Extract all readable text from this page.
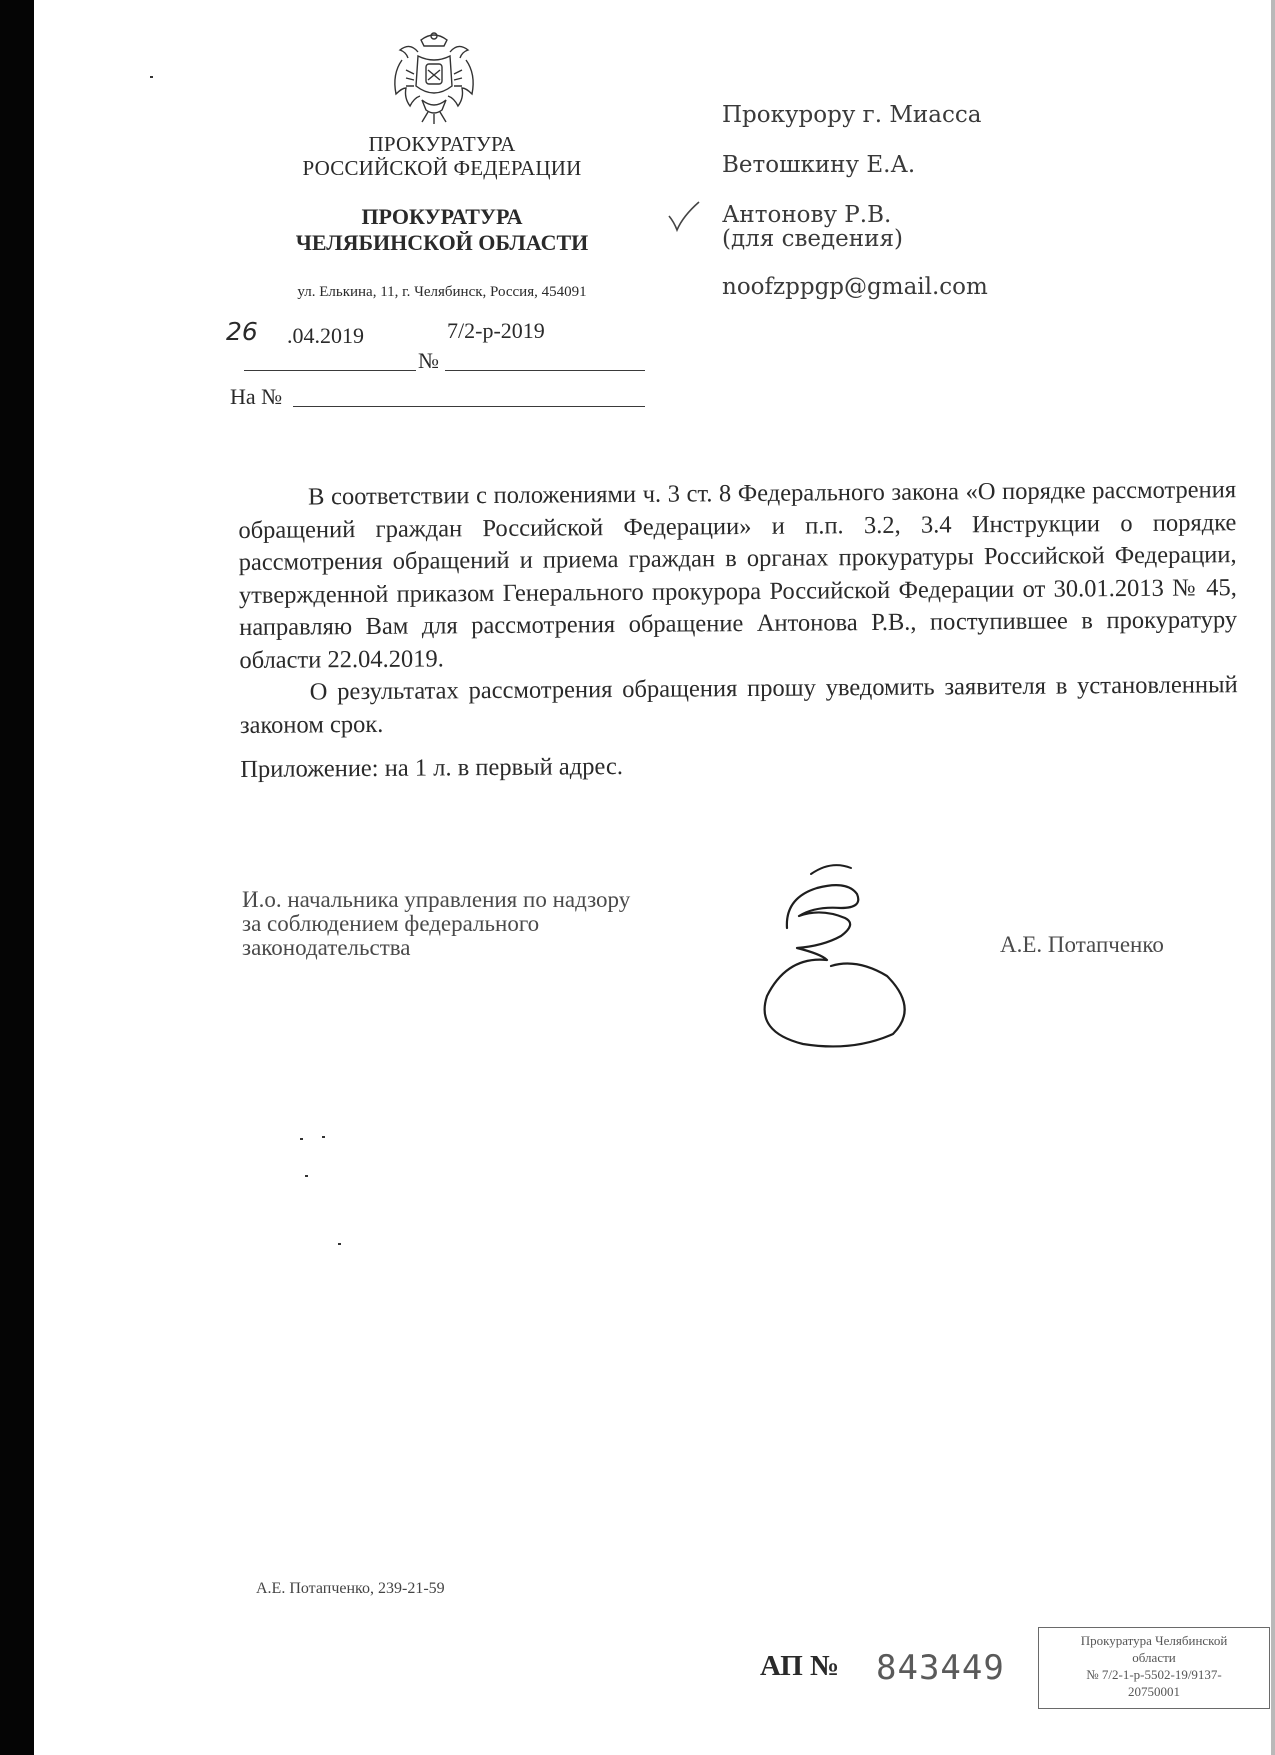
ПРОКУРАТУРА
РОССИЙСКОЙ ФЕДЕРАЦИИ
ПРОКУРАТУРА
ЧЕЛЯБИНСКОЙ ОБЛАСТИ
ул. Елькина, 11, г. Челябинск, Россия, 454091
26 .04.2019	7/2-р-2019
№
На №
Прокурору г. Миасса
Ветошкину Е.А.
Антонову Р.В.
(для сведения)
noofzppgp@gmail.com

В соответствии с положениями ч. 3 ст. 8 Федерального закона «О порядке рассмотрения обращений граждан Российской Федерации» и п.п. 3.2, 3.4 Инструкции о порядке рассмотрения обращений и приема граждан в органах прокуратуры Российской Федерации, утвержденной приказом Генерального прокурора Российской Федерации от 30.01.2013 № 45, направляю Вам для рассмотрения обращение Антонова Р.В., поступившее в прокуратуру области 22.04.2019.

О результатах рассмотрения обращения прошу уведомить заявителя в установленный законом срок.

Приложение: на 1 л. в первый адрес.

И.о. начальника управления по надзору
за соблюдением федерального
законодательства	А.Е. Потапченко
А.Е. Потапченко, 239-21-59
АП № 843449
Прокуратура Челябинской
области
№ 7/2-1-р-5502-19/9137-
20750001
